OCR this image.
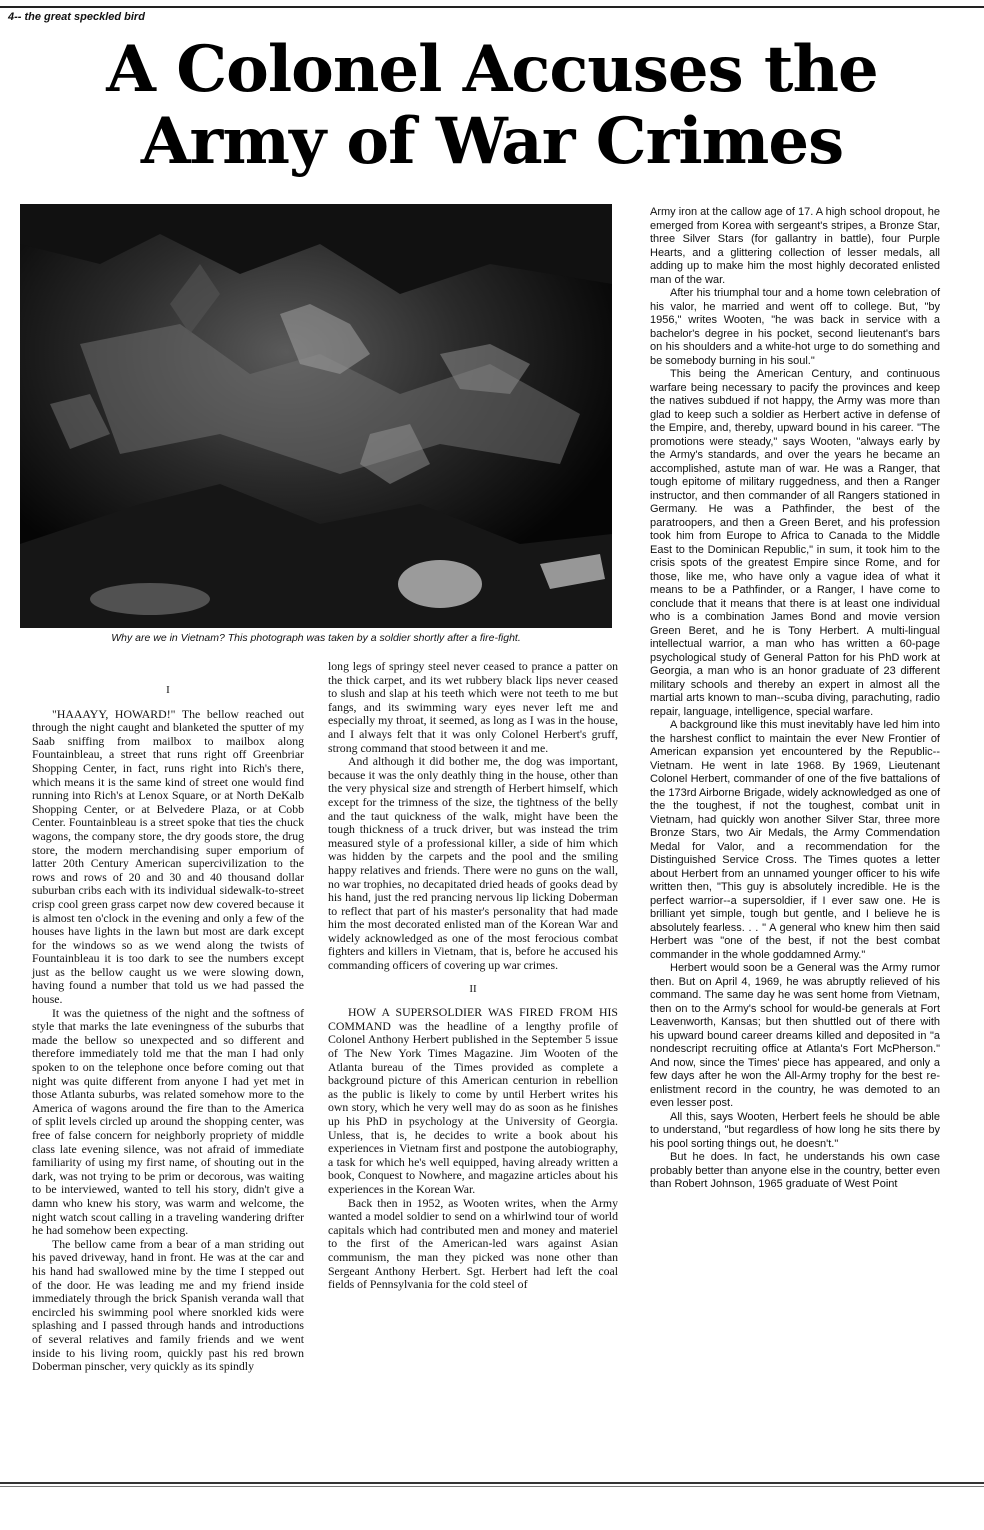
4-- the great speckled bird
A Colonel Accuses the
Army of War Crimes
Why are we in Vietnam? This photograph was taken by a soldier shortly after a fire-fight.

I

"HAAAYY, HOWARD!" The bellow reached out through the night caught and blanketed the sputter of my Saab sniffing from mailbox to mailbox along Fountainbleau, a street that runs right off Greenbriar Shopping Center, in fact, runs right into Rich's there, which means it is the same kind of street one would find running into Rich's at Lenox Square, or at North DeKalb Shopping Center, or at Belvedere Plaza, or at Cobb Center. Fountainbleau is a street spoke that ties the chuck wagons, the company store, the dry goods store, the drug store, the modern merchandising super emporium of latter 20th Century American supercivilization to the rows and rows of 20 and 30 and 40 thousand dollar suburban cribs each with its individual sidewalk-to-street crisp cool green grass carpet now dew covered because it is almost ten o'clock in the evening and only a few of the houses have lights in the lawn but most are dark except for the windows so as we wend along the twists of Fountainbleau it is too dark to see the numbers except just as the bellow caught us we were slowing down, having found a number that told us we had passed the house.

It was the quietness of the night and the softness of style that marks the late eveningness of the suburbs that made the bellow so unexpected and so different and therefore immediately told me that the man I had only spoken to on the telephone once before coming out that night was quite different from anyone I had yet met in those Atlanta suburbs, was related somehow more to the America of wagons around the fire than to the America of split levels circled up around the shopping center, was free of false concern for neighborly propriety of middle class late evening silence, was not afraid of immediate familiarity of using my first name, of shouting out in the dark, was not trying to be prim or decorous, was waiting to be interviewed, wanted to tell his story, didn't give a damn who knew his story, was warm and welcome, the night watch scout calling in a traveling wandering drifter he had somehow been expecting.

The bellow came from a bear of a man striding out his paved driveway, hand in front. He was at the car and his hand had swallowed mine by the time I stepped out of the door. He was leading me and my friend inside immediately through the brick Spanish veranda wall that encircled his swimming pool where snorkled kids were splashing and I passed through hands and introductions of several relatives and family friends and we went inside to his living room, quickly past his red brown Doberman pinscher, very quickly as its spindly

long legs of springy steel never ceased to prance a patter on the thick carpet, and its wet rubbery black lips never ceased to slush and slap at his teeth which were not teeth to me but fangs, and its swimming wary eyes never left me and especially my throat, it seemed, as long as I was in the house, and I always felt that it was only Colonel Herbert's gruff, strong command that stood between it and me.

And although it did bother me, the dog was important, because it was the only deathly thing in the house, other than the very physical size and strength of Herbert himself, which except for the trimness of the size, the tightness of the belly and the taut quickness of the walk, might have been the tough thickness of a truck driver, but was instead the trim measured style of a professional killer, a side of him which was hidden by the carpets and the pool and the smiling happy relatives and friends. There were no guns on the wall, no war trophies, no decapitated dried heads of gooks dead by his hand, just the red prancing nervous lip licking Doberman to reflect that part of his master's personality that had made him the most decorated enlisted man of the Korean War and widely acknowledged as one of the most ferocious combat fighters and killers in Vietnam, that is, before he accused his commanding officers of covering up war crimes.

II

HOW A SUPERSOLDIER WAS FIRED FROM HIS COMMAND was the headline of a lengthy profile of Colonel Anthony Herbert published in the September 5 issue of The New York Times Magazine. Jim Wooten of the Atlanta bureau of the Times provided as complete a background picture of this American centurion in rebellion as the public is likely to come by until Herbert writes his own story, which he very well may do as soon as he finishes up his PhD in psychology at the University of Georgia. Unless, that is, he decides to write a book about his experiences in Vietnam first and postpone the autobiography, a task for which he's well equipped, having already written a book, Conquest to Nowhere, and magazine articles about his experiences in the Korean War.

Back then in 1952, as Wooten writes, when the Army wanted a model soldier to send on a whirlwind tour of world capitals which had contributed men and money and materiel to the first of the American-led wars against Asian communism, the man they picked was none other than Sergeant Anthony Herbert. Sgt. Herbert had left the coal fields of Pennsylvania for the cold steel of

Army iron at the callow age of 17. A high school dropout, he emerged from Korea with sergeant's stripes, a Bronze Star, three Silver Stars (for gallantry in battle), four Purple Hearts, and a glittering collection of lesser medals, all adding up to make him the most highly decorated enlisted man of the war.

After his triumphal tour and a home town celebration of his valor, he married and went off to college. But, "by 1956," writes Wooten, "he was back in service with a bachelor's degree in his pocket, second lieutenant's bars on his shoulders and a white-hot urge to do something and be somebody burning in his soul."

This being the American Century, and continuous warfare being necessary to pacify the provinces and keep the natives subdued if not happy, the Army was more than glad to keep such a soldier as Herbert active in defense of the Empire, and, thereby, upward bound in his career. "The promotions were steady," says Wooten, "always early by the Army's standards, and over the years he became an accomplished, astute man of war. He was a Ranger, that tough epitome of military ruggedness, and then a Ranger instructor, and then commander of all Rangers stationed in Germany. He was a Pathfinder, the best of the paratroopers, and then a Green Beret, and his profession took him from Europe to Africa to Canada to the Middle East to the Dominican Republic," in sum, it took him to the crisis spots of the greatest Empire since Rome, and for those, like me, who have only a vague idea of what it means to be a Pathfinder, or a Ranger, I have come to conclude that it means that there is at least one individual who is a combination James Bond and movie version Green Beret, and he is Tony Herbert. A multi-lingual intellectual warrior, a man who has written a 60-page psychological study of General Patton for his PhD work at Georgia, a man who is an honor graduate of 23 different military schools and thereby an expert in almost all the martial arts known to man--scuba diving, parachuting, radio repair, language, intelligence, special warfare.

A background like this must inevitably have led him into the harshest conflict to maintain the ever New Frontier of American expansion yet encountered by the Republic--Vietnam. He went in late 1968. By 1969, Lieutenant Colonel Herbert, commander of one of the five battalions of the 173rd Airborne Brigade, widely acknowledged as one of the the toughest, if not the toughest, combat unit in Vietnam, had quickly won another Silver Star, three more Bronze Stars, two Air Medals, the Army Commendation Medal for Valor, and a recommendation for the Distinguished Service Cross. The Times quotes a letter about Herbert from an unnamed younger officer to his wife written then, "This guy is absolutely incredible. He is the perfect warrior--a supersoldier, if I ever saw one. He is brilliant yet simple, tough but gentle, and I believe he is absolutely fearless. . . " A general who knew him then said Herbert was "one of the best, if not the best combat commander in the whole goddamned Army."

Herbert would soon be a General was the Army rumor then. But on April 4, 1969, he was abruptly relieved of his command. The same day he was sent home from Vietnam, then on to the Army's school for would-be generals at Fort Leavenworth, Kansas; but then shuttled out of there with his upward bound career dreams killed and deposited in "a nondescript recruiting office at Atlanta's Fort McPherson." And now, since the Times' piece has appeared, and only a few days after he won the All-Army trophy for the best re-enlistment record in the country, he was demoted to an even lesser post.

All this, says Wooten, Herbert feels he should be able to understand, "but regardless of how long he sits there by his pool sorting things out, he doesn't."

But he does. In fact, he understands his own case probably better than anyone else in the country, better even than Robert Johnson, 1965 graduate of West Point
